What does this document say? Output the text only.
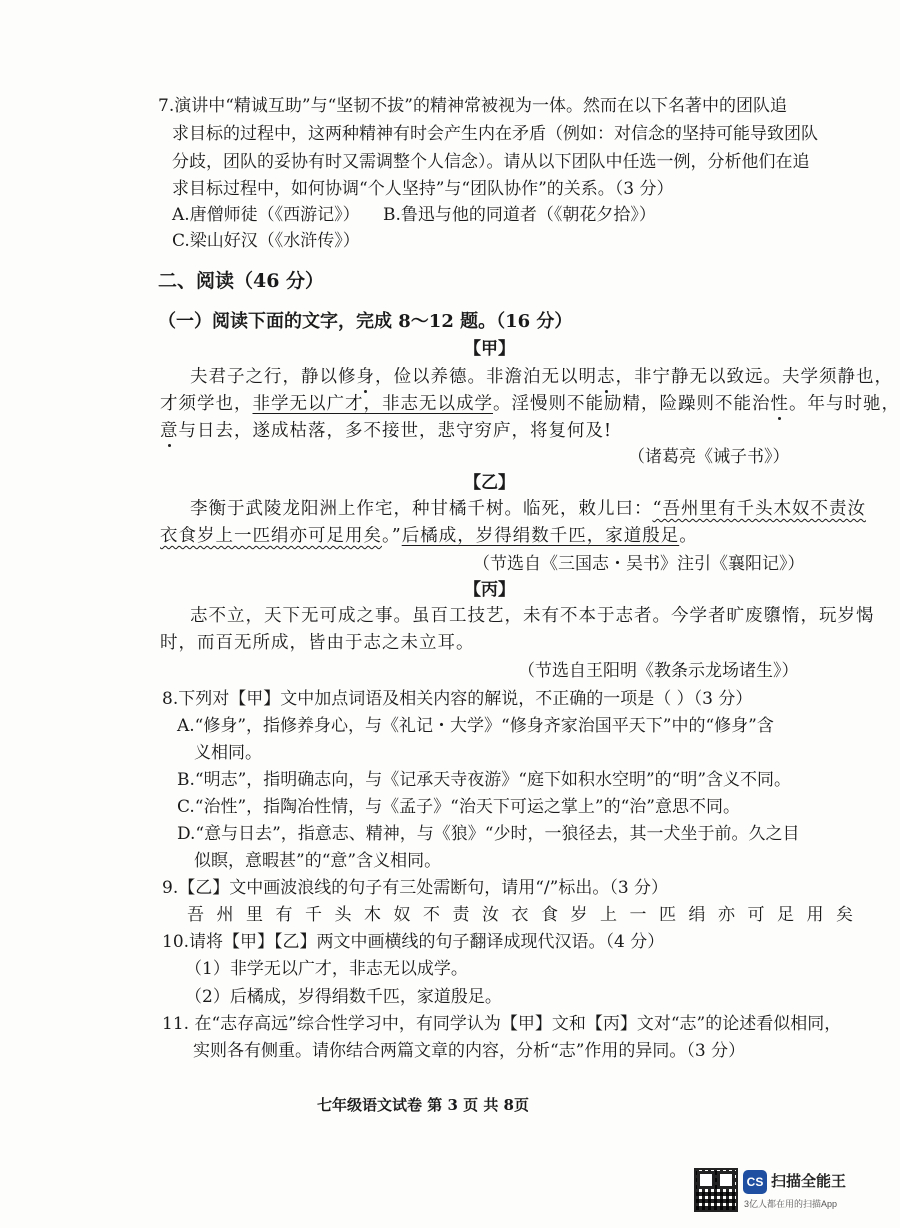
7.演讲中“精诚互助”与“坚韧不拔”的精神常被视为一体。然而在以下名著中的团队追
求目标的过程中，这两种精神有时会产生内在矛盾（例如：对信念的坚持可能导致团队
分歧，团队的妥协有时又需调整个人信念）。请从以下团队中任选一例，分析他们在追
求目标过程中，如何协调“个人坚持”与“团队协作”的关系。（3 分）
A.唐僧师徒（《西游记》） B.鲁迅与他的同道者（《朝花夕拾》）
C.梁山好汉（《水浒传》）
二、阅读（46 分）
（一）阅读下面的文字，完成 8～12 题。（16 分）
【甲】
夫君子之行，静以修身，俭以养德。非澹泊无以明志，非宁静无以致远。夫学须静也，
才须学也，非学无以广才，非志无以成学。淫慢则不能励精，险躁则不能治性。年与时驰，
意与日去，遂成枯落，多不接世，悲守穷庐，将复何及!
（诸葛亮《诫子书》）
【乙】
李衡于武陵龙阳洲上作宅，种甘橘千树。临死，敕儿曰：“吾州里有千头木奴不责汝
衣食岁上一匹绢亦可足用矣。”后橘成，岁得绢数千匹，家道殷足。
（节选自《三国志・吴书》注引《襄阳记》）
【丙】
志不立，天下无可成之事。虽百工技艺，未有不本于志者。今学者旷废隳惰，玩岁愒
时，而百无所成，皆由于志之未立耳。
（节选自王阳明《教条示龙场诸生》）
8.下列对【甲】文中加点词语及相关内容的解说，不正确的一项是（ ）（3 分）
A.“修身”，指修养身心，与《礼记・大学》“修身齐家治国平天下”中的“修身”含
义相同。
B.“明志”，指明确志向，与《记承天寺夜游》“庭下如积水空明”的“明”含义不同。
C.“治性”，指陶冶性情，与《孟子》“治天下可运之掌上”的“治”意思不同。
D.“意与日去”，指意志、精神，与《狼》“少时，一狼径去，其一犬坐于前。久之目
似瞑，意暇甚”的“意”含义相同。
9.【乙】文中画波浪线的句子有三处需断句，请用“/”标出。（3 分）
吾州里有千头木奴不责汝衣食岁上一匹绢亦可足用矣
10.请将【甲】【乙】两文中画横线的句子翻译成现代汉语。（4 分）
（1）非学无以广才，非志无以成学。
（2）后橘成，岁得绢数千匹，家道殷足。
11. 在“志存高远”综合性学习中，有同学认为【甲】文和【丙】文对“志”的论述看似相同，
实则各有侧重。请你结合两篇文章的内容，分析“志”作用的异同。（3 分）
七年级语文试卷 第 3 页 共 8页
CS 扫描全能王
3亿人都在用的扫描App
